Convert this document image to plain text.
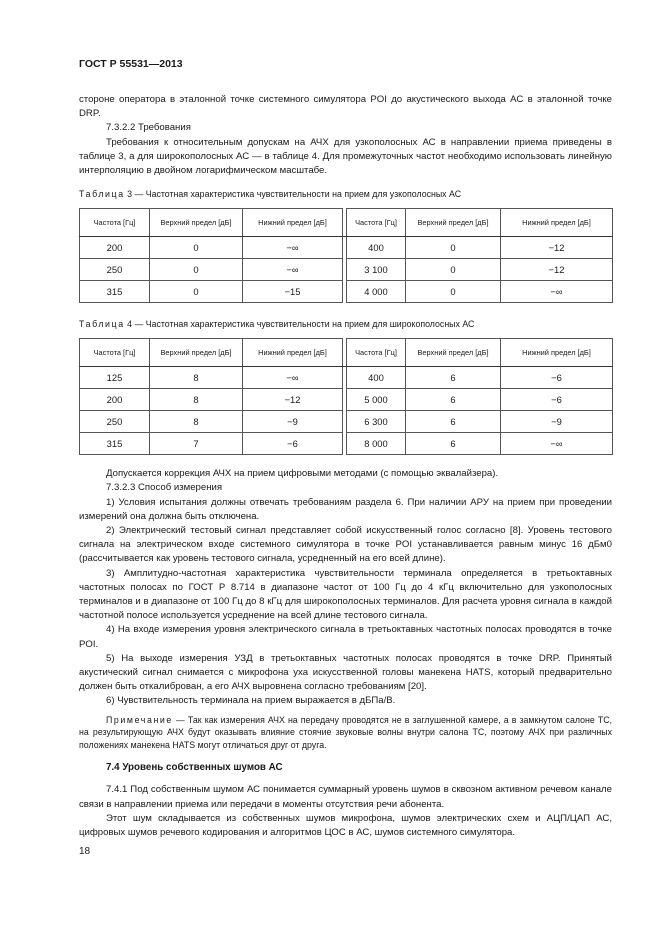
ГОСТ Р 55531—2013

стороне оператора в эталонной точке системного симулятора POI до акустического выхода АС в эталонной точке DRP.

7.3.2.2 Требования

Требования к относительным допускам на АЧХ для узкополосных АС в направлении приема приведены в таблице 3, а для широкополосных АС — в таблице 4. Для промежуточных частот необходимо использовать линейную интерполяцию в двойном логарифмическом масштабе.

Таблица 3 — Частотная характеристика чувствительности на прием для узкополосных АС

Частота [Гц]	Верхний предел [дБ]	Нижний предел [дБ]		Частота [Гц]	Верхний предел [дБ]	Нижний предел [дБ]
200	0	−∞		400	0	−12
250	0	−∞		3 100	0	−12
315	0	−15		4 000	0	−∞

Таблица 4 — Частотная характеристика чувствительности на прием для широкополосных АС

Частота [Гц]	Верхний предел [дБ]	Нижний предел [дБ]		Частота [Гц]	Верхний предел [дБ]	Нижний предел [дБ]
125	8	−∞		400	6	−6
200	8	−12		5 000	6	−6
250	8	−9		6 300	6	−9
315	7	−6		8 000	6	−∞

Допускается коррекция АЧХ на прием цифровыми методами (с помощью эквалайзера).

7.3.2.3 Способ измерения

1) Условия испытания должны отвечать требованиям раздела 6. При наличии АРУ на прием при проведении измерений она должна быть отключена.

2) Электрический тестовый сигнал представляет собой искусственный голос согласно [8]. Уровень тестового сигнала на электрическом входе системного симулятора в точке POI устанавливается равным минус 16 дБм0 (рассчитывается как уровень тестового сигнала, усредненный на его всей длине).

3) Амплитудно-частотная характеристика чувствительности терминала определяется в третьоктавных частотных полосах по ГОСТ Р 8.714 в диапазоне частот от 100 Гц до 4 кГц включительно для узкополосных терминалов и в диапазоне от 100 Гц до 8 кГц для широкополосных терминалов. Для расчета уровня сигнала в каждой частотной полосе используется усреднение на всей длине тестового сигнала.

4) На входе измерения уровня электрического сигнала в третьоктавных частотных полосах проводятся в точке POI.

5) На выходе измерения УЗД в третьоктавных частотных полосах проводятся в точке DRP. Принятый акустический сигнал снимается с микрофона уха искусственной головы манекена HATS, который предварительно должен быть откалиброван, а его АЧХ выровнена согласно требованиям [20].

6) Чувствительность терминала на прием выражается в дБПа/В.

Примечание — Так как измерения АЧХ на передачу проводятся не в заглушенной камере, а в замкнутом салоне ТС, на результирующую АЧХ будут оказывать влияние стоячие звуковые волны внутри салона ТС, поэтому АЧХ при различных положениях манекена HATS могут отличаться друг от друга.

7.4 Уровень собственных шумов АС

7.4.1 Под собственным шумом АС понимается суммарный уровень шумов в сквозном активном речевом канале связи в направлении приема или передачи в моменты отсутствия речи абонента.

Этот шум складывается из собственных шумов микрофона, шумов электрических схем и АЦП/ЦАП АС, цифровых шумов речевого кодирования и алгоритмов ЦОС в АС, шумов системного симулятора.

18
